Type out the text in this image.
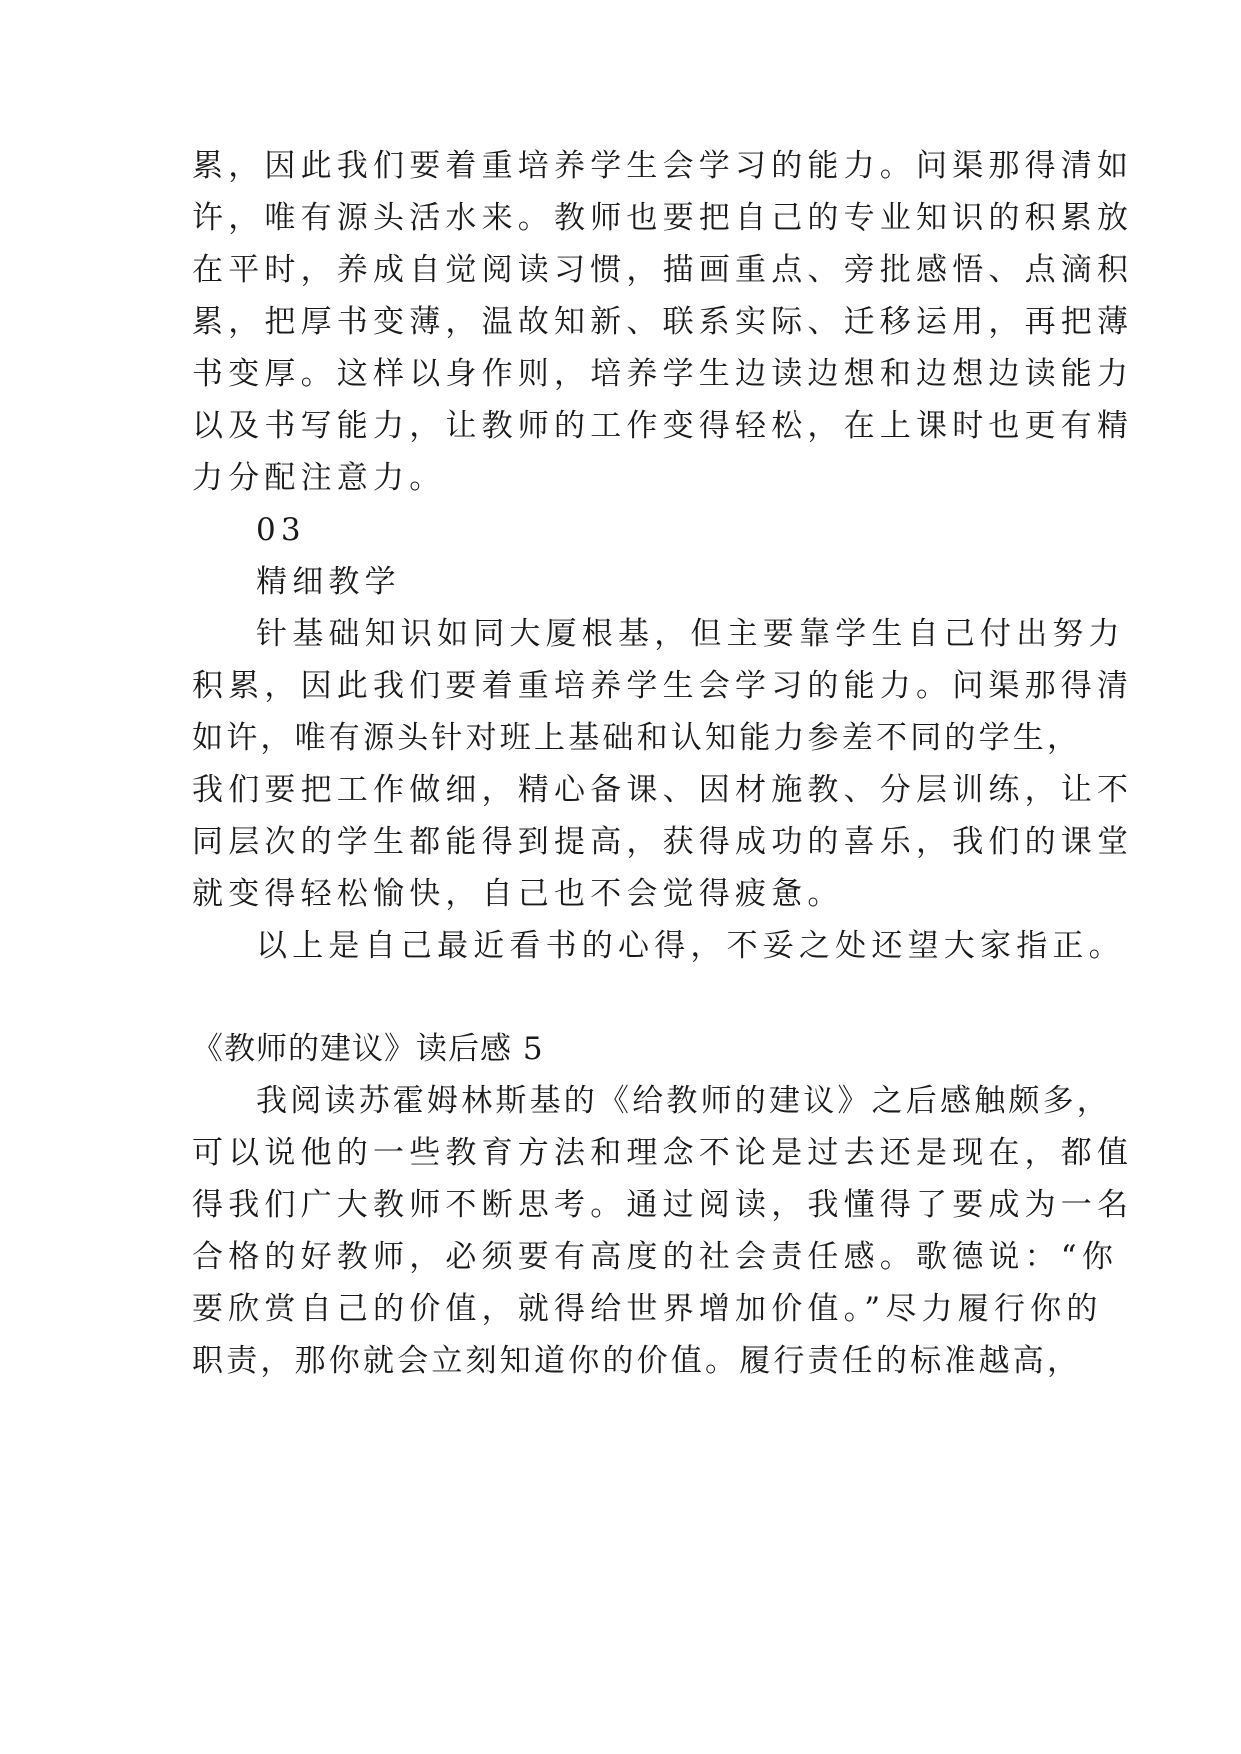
累，因此我们要着重培养学生会学习的能力。问渠那得清如
许，唯有源头活水来。教师也要把自己的专业知识的积累放
在平时，养成自觉阅读习惯，描画重点、旁批感悟、点滴积
累，把厚书变薄，温故知新、联系实际、迁移运用，再把薄
书变厚。这样以身作则，培养学生边读边想和边想边读能力
以及书写能力，让教师的工作变得轻松，在上课时也更有精
力分配注意力。
03
精细教学
针基础知识如同大厦根基，但主要靠学生自己付出努力
积累，因此我们要着重培养学生会学习的能力。问渠那得清
如许，唯有源头针对班上基础和认知能力参差不同的学生，
我们要把工作做细，精心备课、因材施教、分层训练，让不
同层次的学生都能得到提高，获得成功的喜乐，我们的课堂
就变得轻松愉快，自己也不会觉得疲惫。
以上是自己最近看书的心得，不妥之处还望大家指正。
《教师的建议》读后感 5
我阅读苏霍姆林斯基的《给教师的建议》之后感触颇多，
可以说他的一些教育方法和理念不论是过去还是现在，都值
得我们广大教师不断思考。通过阅读，我懂得了要成为一名
合格的好教师，必须要有高度的社会责任感。歌德说：“你
要欣赏自己的价值，就得给世界增加价值。”尽力履行你的
职责，那你就会立刻知道你的价值。履行责任的标准越高，
